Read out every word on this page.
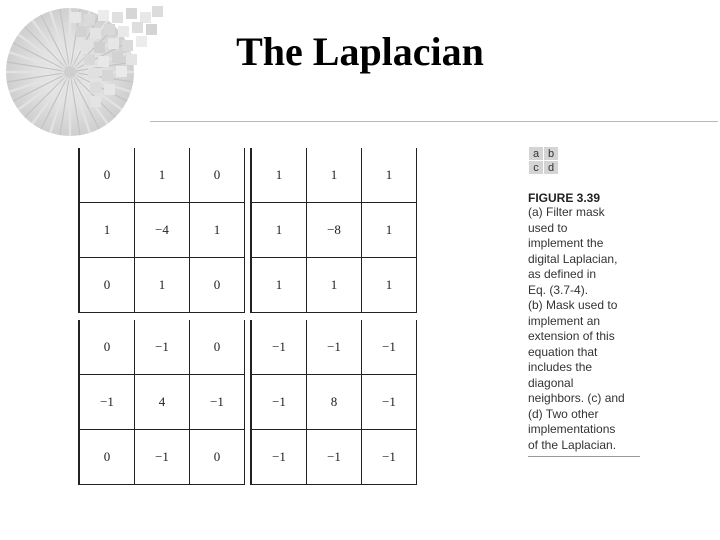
The Laplacian
0	1	0
1	−4	1
0	1	0
1	1	1
1	−8	1
1	1	1
0	−1	0
−1	4	−1
0	−1	0
−1	−1	−1
−1	8	−1
−1	−1	−1
a	b
c	d
FIGURE 3.39
(a) Filter mask
used to
implement the
digital Laplacian,
as defined in
Eq. (3.7-4).
(b) Mask used to
implement an
extension of this
equation that
includes the
diagonal
neighbors. (c) and
(d) Two other
implementations
of the Laplacian.
